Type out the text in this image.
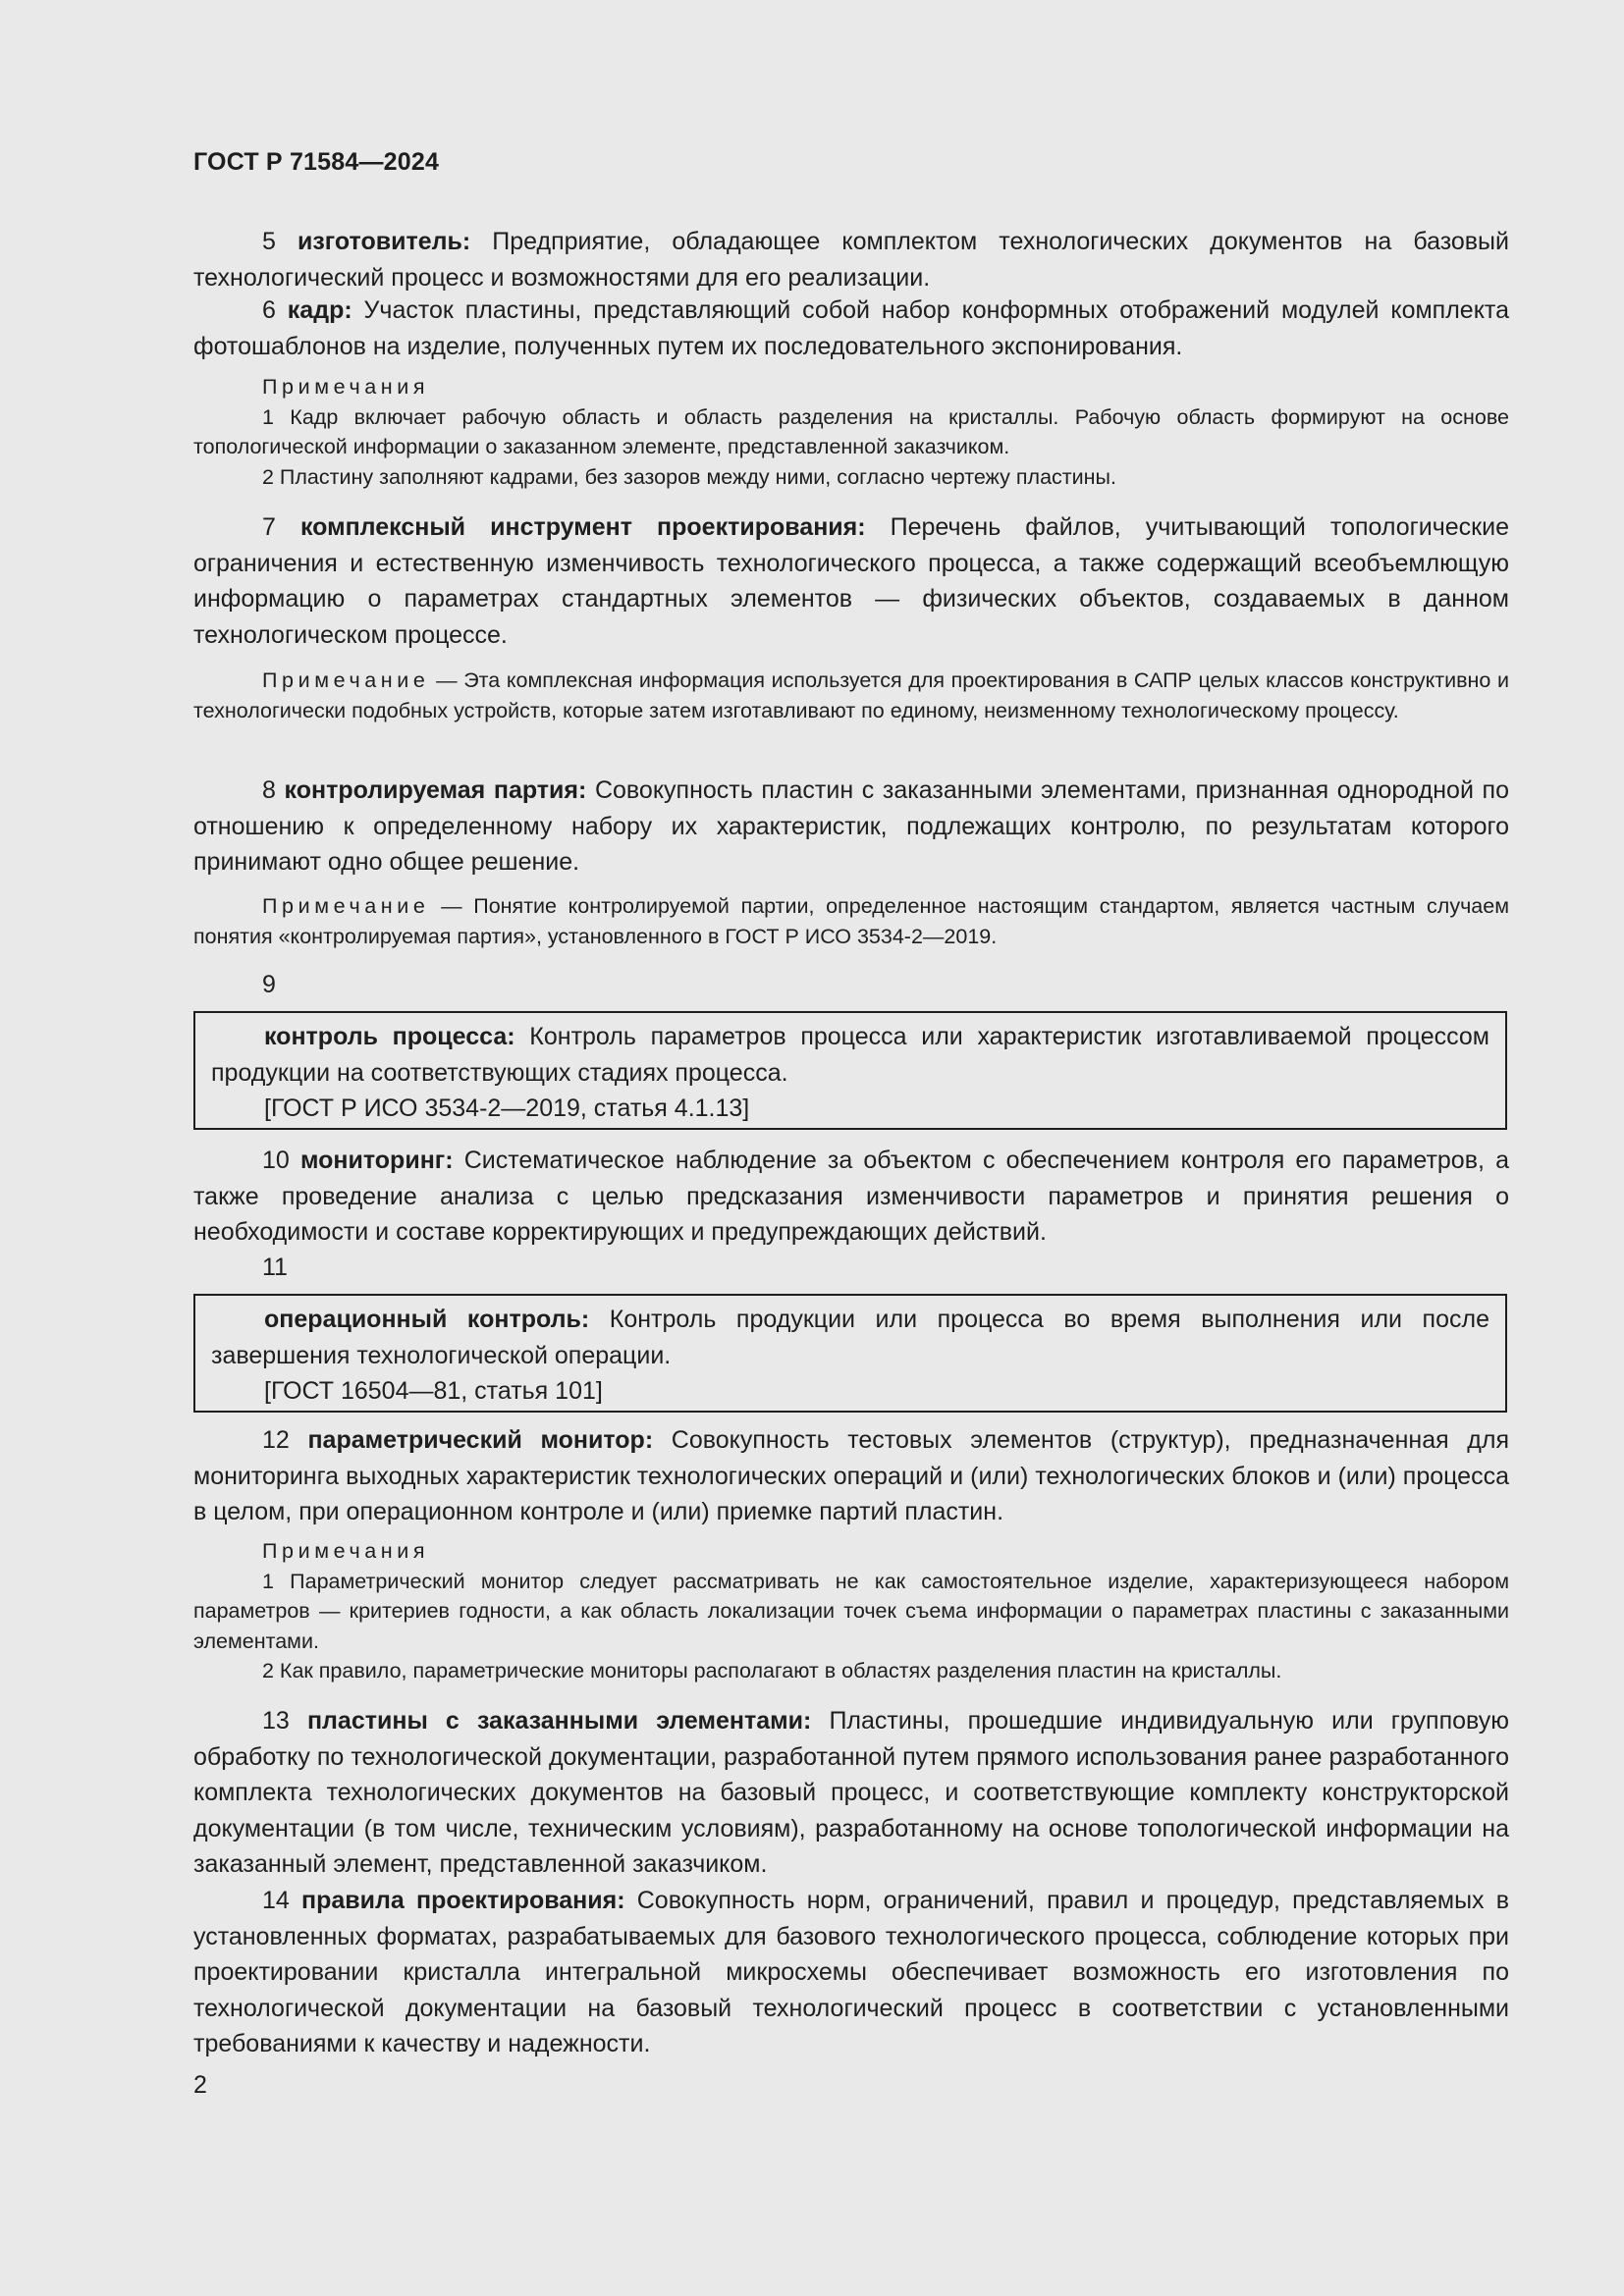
ГОСТ Р 71584—2024
5 изготовитель: Предприятие, обладающее комплектом технологических документов на базовый технологический процесс и возможностями для его реализации.
6 кадр: Участок пластины, представляющий собой набор конформных отображений модулей комплекта фотошаблонов на изделие, полученных путем их последовательного экспонирования.
Примечания
1 Кадр включает рабочую область и область разделения на кристаллы. Рабочую область формируют на основе топологической информации о заказанном элементе, представленной заказчиком.
2 Пластину заполняют кадрами, без зазоров между ними, согласно чертежу пластины.
7 комплексный инструмент проектирования: Перечень файлов, учитывающий топологические ограничения и естественную изменчивость технологического процесса, а также содержащий всеобъемлющую информацию о параметрах стандартных элементов — физических объектов, создаваемых в данном технологическом процессе.
Примечание — Эта комплексная информация используется для проектирования в САПР целых классов конструктивно и технологически подобных устройств, которые затем изготавливают по единому, неизменному технологическому процессу.
8 контролируемая партия: Совокупность пластин с заказанными элементами, признанная однородной по отношению к определенному набору их характеристик, подлежащих контролю, по результатам которого принимают одно общее решение.
Примечание — Понятие контролируемой партии, определенное настоящим стандартом, является частным случаем понятия «контролируемая партия», установленного в ГОСТ Р ИСО 3534-2—2019.
9
контроль процесса: Контроль параметров процесса или характеристик изготавливаемой процессом продукции на соответствующих стадиях процесса.
[ГОСТ Р ИСО 3534-2—2019, статья 4.1.13]
10 мониторинг: Систематическое наблюдение за объектом с обеспечением контроля его параметров, а также проведение анализа с целью предсказания изменчивости параметров и принятия решения о необходимости и составе корректирующих и предупреждающих действий.
11
операционный контроль: Контроль продукции или процесса во время выполнения или после завершения технологической операции.
[ГОСТ 16504—81, статья 101]
12 параметрический монитор: Совокупность тестовых элементов (структур), предназначенная для мониторинга выходных характеристик технологических операций и (или) технологических блоков и (или) процесса в целом, при операционном контроле и (или) приемке партий пластин.
Примечания
1 Параметрический монитор следует рассматривать не как самостоятельное изделие, характеризующееся набором параметров — критериев годности, а как область локализации точек съема информации о параметрах пластины с заказанными элементами.
2 Как правило, параметрические мониторы располагают в областях разделения пластин на кристаллы.
13 пластины с заказанными элементами: Пластины, прошедшие индивидуальную или групповую обработку по технологической документации, разработанной путем прямого использования ранее разработанного комплекта технологических документов на базовый процесс, и соответствующие комплекту конструкторской документации (в том числе, техническим условиям), разработанному на основе топологической информации на заказанный элемент, представленной заказчиком.
14 правила проектирования: Совокупность норм, ограничений, правил и процедур, представляемых в установленных форматах, разрабатываемых для базового технологического процесса, соблюдение которых при проектировании кристалла интегральной микросхемы обеспечивает возможность его изготовления по технологической документации на базовый технологический процесс в соответствии с установленными требованиями к качеству и надежности.
2
